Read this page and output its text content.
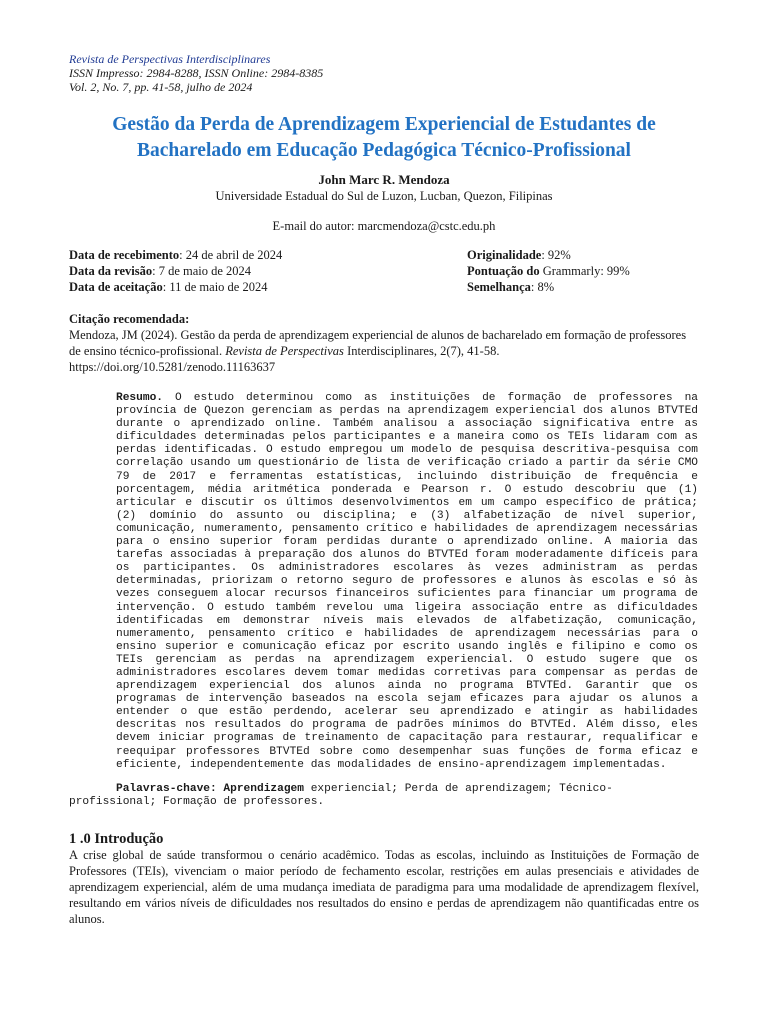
Revista de Perspectivas Interdisciplinares
ISSN Impresso: 2984-8288, ISSN Online: 2984-8385
Vol. 2, No. 7, pp. 41-58, julho de 2024
Gestão da Perda de Aprendizagem Experiencial de Estudantes de Bacharelado em Educação Pedagógica Técnico-Profissional
John Marc R. Mendoza
Universidade Estadual do Sul de Luzon, Lucban, Quezon, Filipinas
E-mail do autor: marcmendoza@cstc.edu.ph
Data de recebimento: 24 de abril de 2024
Data da revisão: 7 de maio de 2024
Data de aceitação: 11 de maio de 2024
Originalidade: 92%
Pontuação do Grammarly: 99%
Semelhança: 8%
Citação recomendada:
Mendoza, JM (2024). Gestão da perda de aprendizagem experiencial de alunos de bacharelado em formação de professores de ensino técnico-profissional. Revista de Perspectivas Interdisciplinares, 2(7), 41-58.
https://doi.org/10.5281/zenodo.11163637
Resumo. O estudo determinou como as instituições de formação de professores na província de Quezon gerenciam as perdas na aprendizagem experiencial dos alunos BTVTEd durante o aprendizado online. Também analisou a associação significativa entre as dificuldades determinadas pelos participantes e a maneira como os TEIs lidaram com as perdas identificadas. O estudo empregou um modelo de pesquisa descritiva-pesquisa com correlação usando um questionário de lista de verificação criado a partir da série CMO 79 de 2017 e ferramentas estatísticas, incluindo distribuição de frequência e porcentagem, média aritmética ponderada e Pearson r. O estudo descobriu que (1) articular e discutir os últimos desenvolvimentos em um campo específico de prática; (2) domínio do assunto ou disciplina; e (3) alfabetização de nível superior, comunicação, numeramento, pensamento crítico e habilidades de aprendizagem necessárias para o ensino superior foram perdidas durante o aprendizado online. A maioria das tarefas associadas à preparação dos alunos do BTVTEd foram moderadamente difíceis para os participantes. Os administradores escolares às vezes administram as perdas determinadas, priorizam o retorno seguro de professores e alunos às escolas e só às vezes conseguem alocar recursos financeiros suficientes para financiar um programa de intervenção. O estudo também revelou uma ligeira associação entre as dificuldades identificadas em demonstrar níveis mais elevados de alfabetização, comunicação, numeramento, pensamento crítico e habilidades de aprendizagem necessárias para o ensino superior e comunicação eficaz por escrito usando inglês e filipino e como os TEIs gerenciam as perdas na aprendizagem experiencial. O estudo sugere que os administradores escolares devem tomar medidas corretivas para compensar as perdas de aprendizagem experiencial dos alunos ainda no programa BTVTEd. Garantir que os programas de intervenção baseados na escola sejam eficazes para ajudar os alunos a entender o que estão perdendo, acelerar seu aprendizado e atingir as habilidades descritas nos resultados do programa de padrões mínimos do BTVTEd. Além disso, eles devem iniciar programas de treinamento de capacitação para restaurar, requalificar e reequipar professores BTVTEd sobre como desempenhar suas funções de forma eficaz e eficiente, independentemente das modalidades de ensino-aprendizagem implementadas.
Palavras-chave: Aprendizagem experiencial; Perda de aprendizagem; Técnico-profissional; Formação de professores.
1 .0 Introdução
A crise global de saúde transformou o cenário acadêmico. Todas as escolas, incluindo as Instituições de Formação de Professores (TEIs), vivenciam o maior período de fechamento escolar, restrições em aulas presenciais e atividades de aprendizagem experiencial, além de uma mudança imediata de paradigma para uma modalidade de aprendizagem flexível, resultando em vários níveis de dificuldades nos resultados do ensino e perdas de aprendizagem não quantificadas entre os alunos.
